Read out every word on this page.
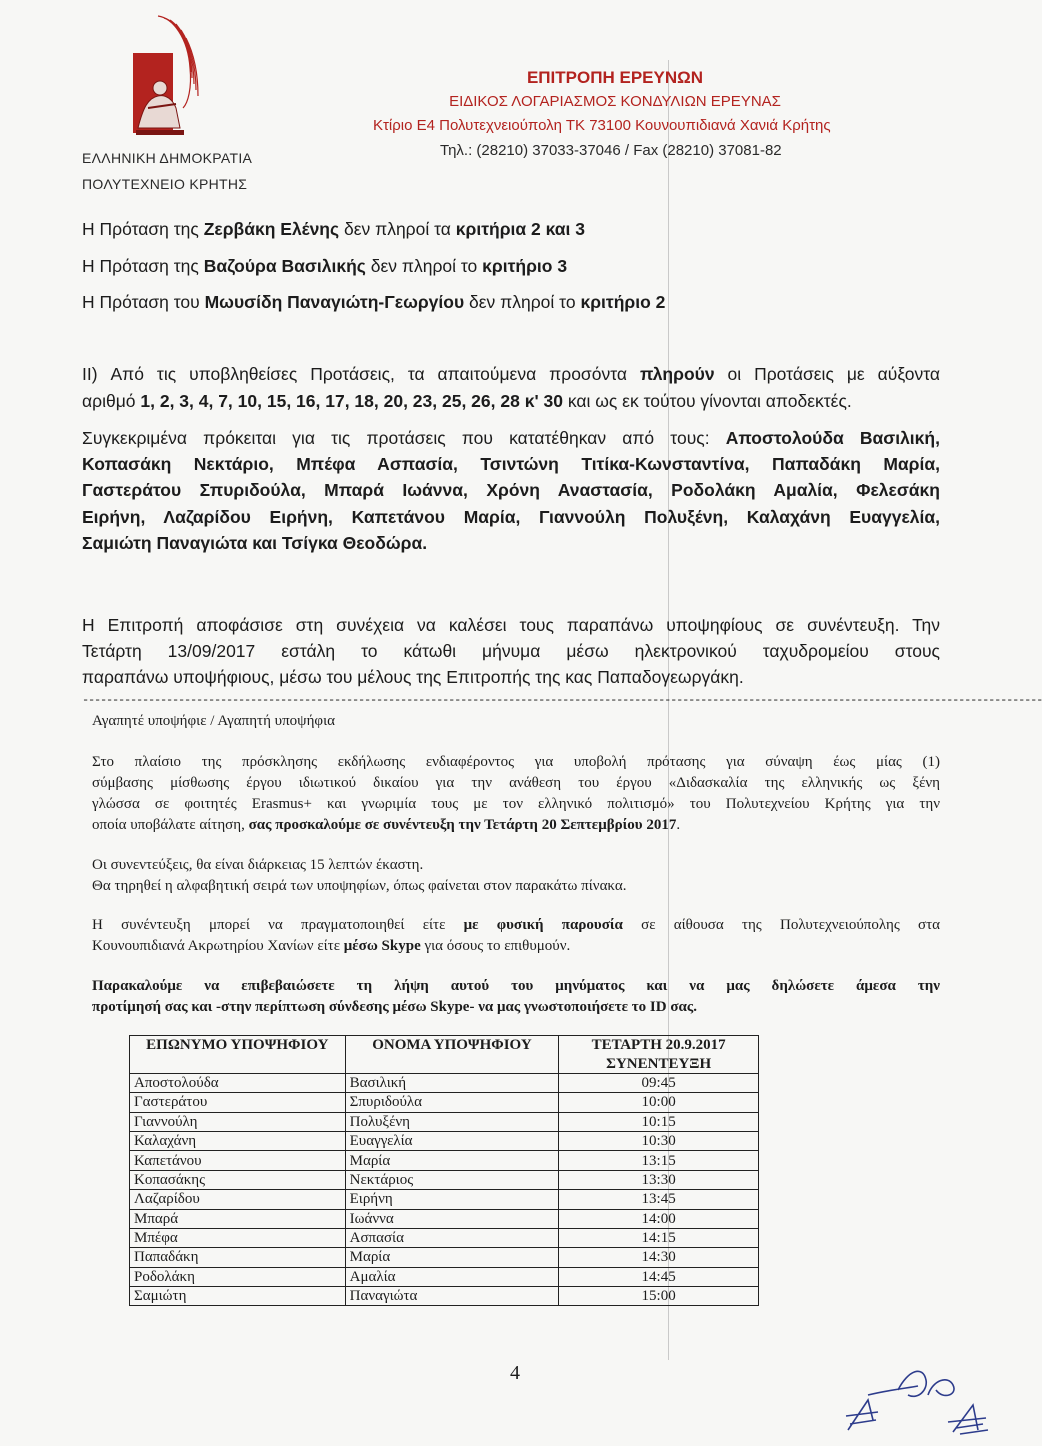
ΕΛΛΗΝΙΚΗ ΔΗΜΟΚΡΑΤΙΑ
ΠΟΛΥΤΕΧΝΕΙΟ ΚΡΗΤΗΣ
ΕΠΙΤΡΟΠΗ ΕΡΕΥΝΩΝ
ΕΙΔΙΚΟΣ ΛΟΓΑΡΙΑΣΜΟΣ ΚΟΝΔΥΛΙΩΝ ΕΡΕΥΝΑΣ
Κτίριο Ε4 Πολυτεχνειούπολη ΤΚ 73100 Κουνουπιδιανά Χανιά Κρήτης
Τηλ.: (28210) 37033-37046 / Fax (28210) 37081-82
Η Πρόταση της Ζερβάκη Ελένης δεν πληροί τα κριτήρια 2 και 3
Η Πρόταση της Βαζούρα Βασιλικής δεν πληροί το κριτήριο 3
Η Πρόταση του Μωυσίδη Παναγιώτη-Γεωργίου δεν πληροί το κριτήριο 2
II) Από τις υποβληθείσες Προτάσεις, τα απαιτούμενα προσόντα πληρούν οι Προτάσεις με αύξοντα
αριθμό 1, 2, 3, 4, 7, 10, 15, 16, 17, 18, 20, 23, 25, 26, 28 κ' 30 και ως εκ τούτου γίνονται αποδεκτές.
Συγκεκριμένα πρόκειται για τις προτάσεις που κατατέθηκαν από τους: Αποστολούδα Βασιλική,
Κοπασάκη Νεκτάριο, Μπέφα Ασπασία, Τσιντώνη Τιτίκα-Κωνσταντίνα, Παπαδάκη Μαρία,
Γαστεράτου Σπυριδούλα, Μπαρά Ιωάννα, Χρόνη Αναστασία, Ροδολάκη Αμαλία, Φελεσάκη
Ειρήνη, Λαζαρίδου Ειρήνη, Καπετάνου Μαρία, Γιαννούλη Πολυξένη, Καλαχάνη Ευαγγελία,
Σαμιώτη Παναγιώτα και Τσίγκα Θεοδώρα.
Η Επιτροπή αποφάσισε στη συνέχεια να καλέσει τους παραπάνω υποψηφίους σε συνέντευξη. Την
Τετάρτη 13/09/2017 εστάλη το κάτωθι μήνυμα μέσω ηλεκτρονικού ταχυδρομείου στους
παραπάνω υποψήφιους, μέσω του μέλους της Επιτροπής της κας Παπαδογεωργάκη.
----------------------------------------------------------------------------------------------------------------------------------------------------------------
Αγαπητέ υποψήφιε / Αγαπητή υποψήφια
Στο πλαίσιο της πρόσκλησης εκδήλωσης ενδιαφέροντος για υποβολή πρότασης για σύναψη έως μίας (1)
σύμβασης μίσθωσης έργου ιδιωτικού δικαίου για την ανάθεση του έργου «Διδασκαλία της ελληνικής ως ξένη
γλώσσα σε φοιτητές Erasmus+ και γνωριμία τους με τον ελληνικό πολιτισμό» του Πολυτεχνείου Κρήτης για την
οποία υποβάλατε αίτηση, σας προσκαλούμε σε συνέντευξη την Τετάρτη 20 Σεπτεμβρίου 2017.
Οι συνεντεύξεις, θα είναι διάρκειας 15 λεπτών έκαστη.
Θα τηρηθεί η αλφαβητική σειρά των υποψηφίων, όπως φαίνεται στον παρακάτω πίνακα.
Η συνέντευξη μπορεί να πραγματοποιηθεί είτε με φυσική παρουσία σε αίθουσα της Πολυτεχνειούπολης στα
Κουνουπιδιανά Ακρωτηρίου Χανίων είτε μέσω Skype για όσους το επιθυμούν.
Παρακαλούμε να επιβεβαιώσετε τη λήψη αυτού του μηνύματος και να μας δηλώσετε άμεσα την
προτίμησή σας και -στην περίπτωση σύνδεσης μέσω Skype- να μας γνωστοποιήσετε το ID σας.
ΕΠΩΝΥΜΟ ΥΠΟΨΗΦΙΟΥ	ΟΝΟΜΑ ΥΠΟΨΗΦΙΟΥ	ΤΕΤΑΡΤΗ 20.9.2017
		ΣΥΝΕΝΤΕΥΞΗ
Αποστολούδα	Βασιλική	09:45
Γαστεράτου	Σπυριδούλα	10:00
Γιαννούλη	Πολυξένη	10:15
Καλαχάνη	Ευαγγελία	10:30
Καπετάνου	Μαρία	13:15
Κοπασάκης	Νεκτάριος	13:30
Λαζαρίδου	Ειρήνη	13:45
Μπαρά	Ιωάννα	14:00
Μπέφα	Ασπασία	14:15
Παπαδάκη	Μαρία	14:30
Ροδολάκη	Αμαλία	14:45
Σαμιώτη	Παναγιώτα	15:00
4
